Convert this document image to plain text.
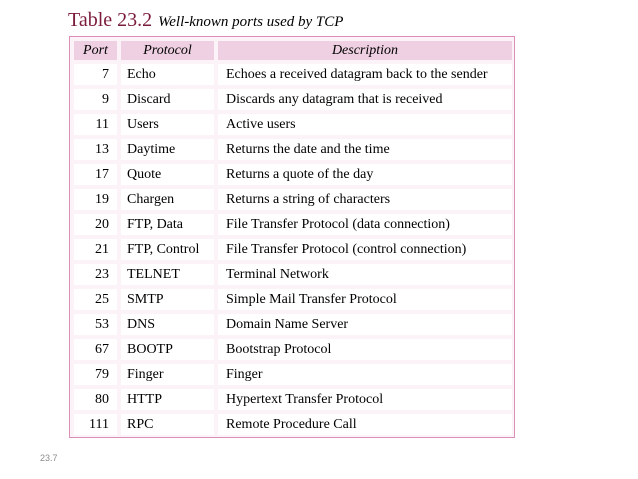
Table 23.2 Well-known ports used by TCP
Port	Protocol	Description
7	Echo	Echoes a received datagram back to the sender
9	Discard	Discards any datagram that is received
11	Users	Active users
13	Daytime	Returns the date and the time
17	Quote	Returns a quote of the day
19	Chargen	Returns a string of characters
20	FTP, Data	File Transfer Protocol (data connection)
21	FTP, Control	File Transfer Protocol (control connection)
23	TELNET	Terminal Network
25	SMTP	Simple Mail Transfer Protocol
53	DNS	Domain Name Server
67	BOOTP	Bootstrap Protocol
79	Finger	Finger
80	HTTP	Hypertext Transfer Protocol
111	RPC	Remote Procedure Call
23.7
